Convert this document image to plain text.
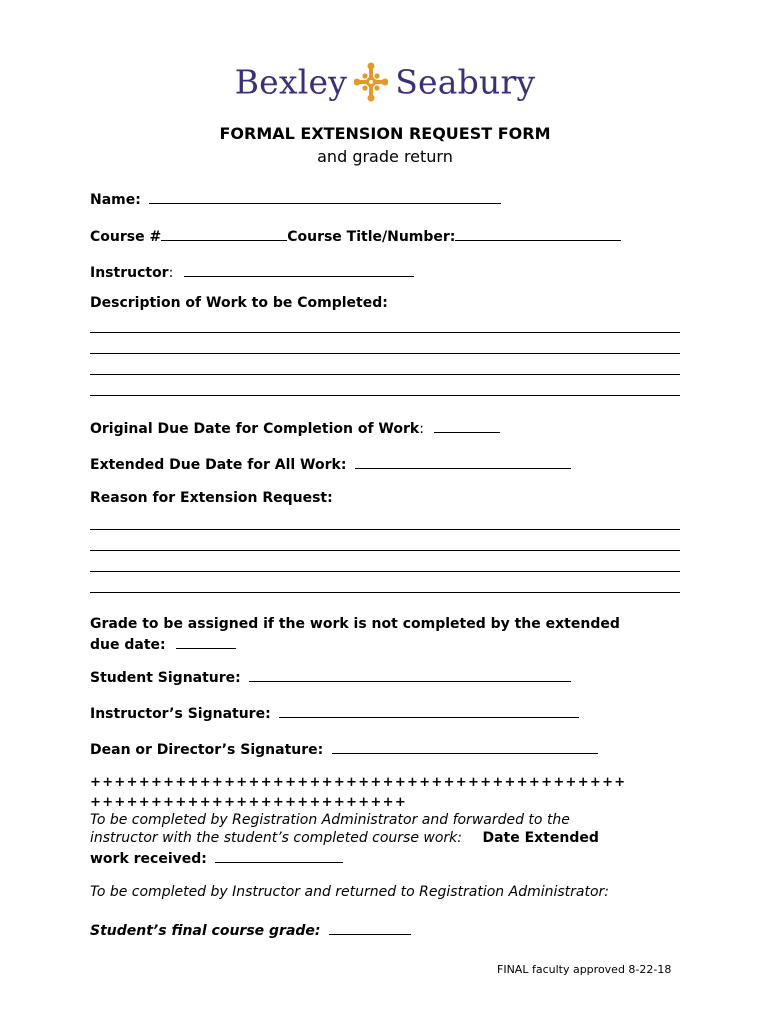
Bexley Seabury
FORMAL EXTENSION REQUEST FORM
and grade return
Name:
Course #	Course Title/Number:
Instructor:
Description of Work to be Completed:
Original Due Date for Completion of Work:
Extended Due Date for All Work:
Reason for Extension Request:
Grade to be assigned if the work is not completed by the extended
due date:
Student Signature:
Instructor’s Signature:
Dean or Director’s Signature:
++++++++++++++++++++++++++++++++++++++++++++
++++++++++++++++++++++++++
To be completed by Registration Administrator and forwarded to the
instructor with the student’s completed course work: Date Extended
work received:
To be completed by Instructor and returned to Registration Administrator:
Student’s final course grade:
FINAL faculty approved 8-22-18
